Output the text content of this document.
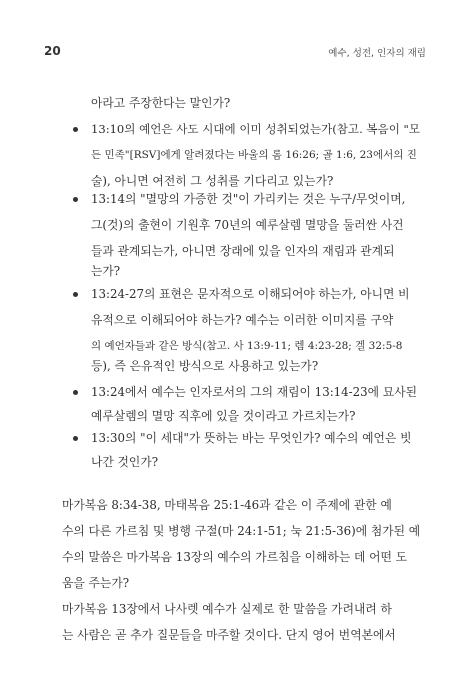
20	예수, 성전, 인자의 재림
아라고 주장한다는 말인가?
13:10의 예언은 사도 시대에 이미 성취되었는가(참고. 복음이 "모
든 민족"[RSV]에게 알려졌다는 바울의 롬 16:26; 골 1:6, 23에서의 진
술), 아니면 여전히 그 성취를 기다리고 있는가?
13:14의 "멸망의 가증한 것"이 가리키는 것은 누구/무엇이며,
그(것)의 출현이 기원후 70년의 예루살렘 멸망을 둘러싼 사건
들과 관계되는가, 아니면 장래에 있을 인자의 재림과 관계되
는가?
13:24-27의 표현은 문자적으로 이해되어야 하는가, 아니면 비
유적으로 이해되어야 하는가? 예수는 이러한 이미지를 구약
의 예언자들과 같은 방식(참고. 사 13:9-11; 렘 4:23-28; 겔 32:5-8
등), 즉 은유적인 방식으로 사용하고 있는가?
13:24에서 예수는 인자로서의 그의 재림이 13:14-23에 묘사된
예루살렘의 멸망 직후에 있을 것이라고 가르치는가?
13:30의 "이 세대"가 뜻하는 바는 무엇인가? 예수의 예언은 빗
나간 것인가?
마가복음 8:34-38, 마태복음 25:1-46과 같은 이 주제에 관한 예
수의 다른 가르침 및 병행 구절(마 24:1-51; 눅 21:5-36)에 첨가된 예
수의 말씀은 마가복음 13장의 예수의 가르침을 이해하는 데 어떤 도
움을 주는가?
마가복음 13장에서 나사렛 예수가 실제로 한 말씀을 가려내려 하
는 사람은 곧 추가 질문들을 마주할 것이다. 단지 영어 번역본에서
